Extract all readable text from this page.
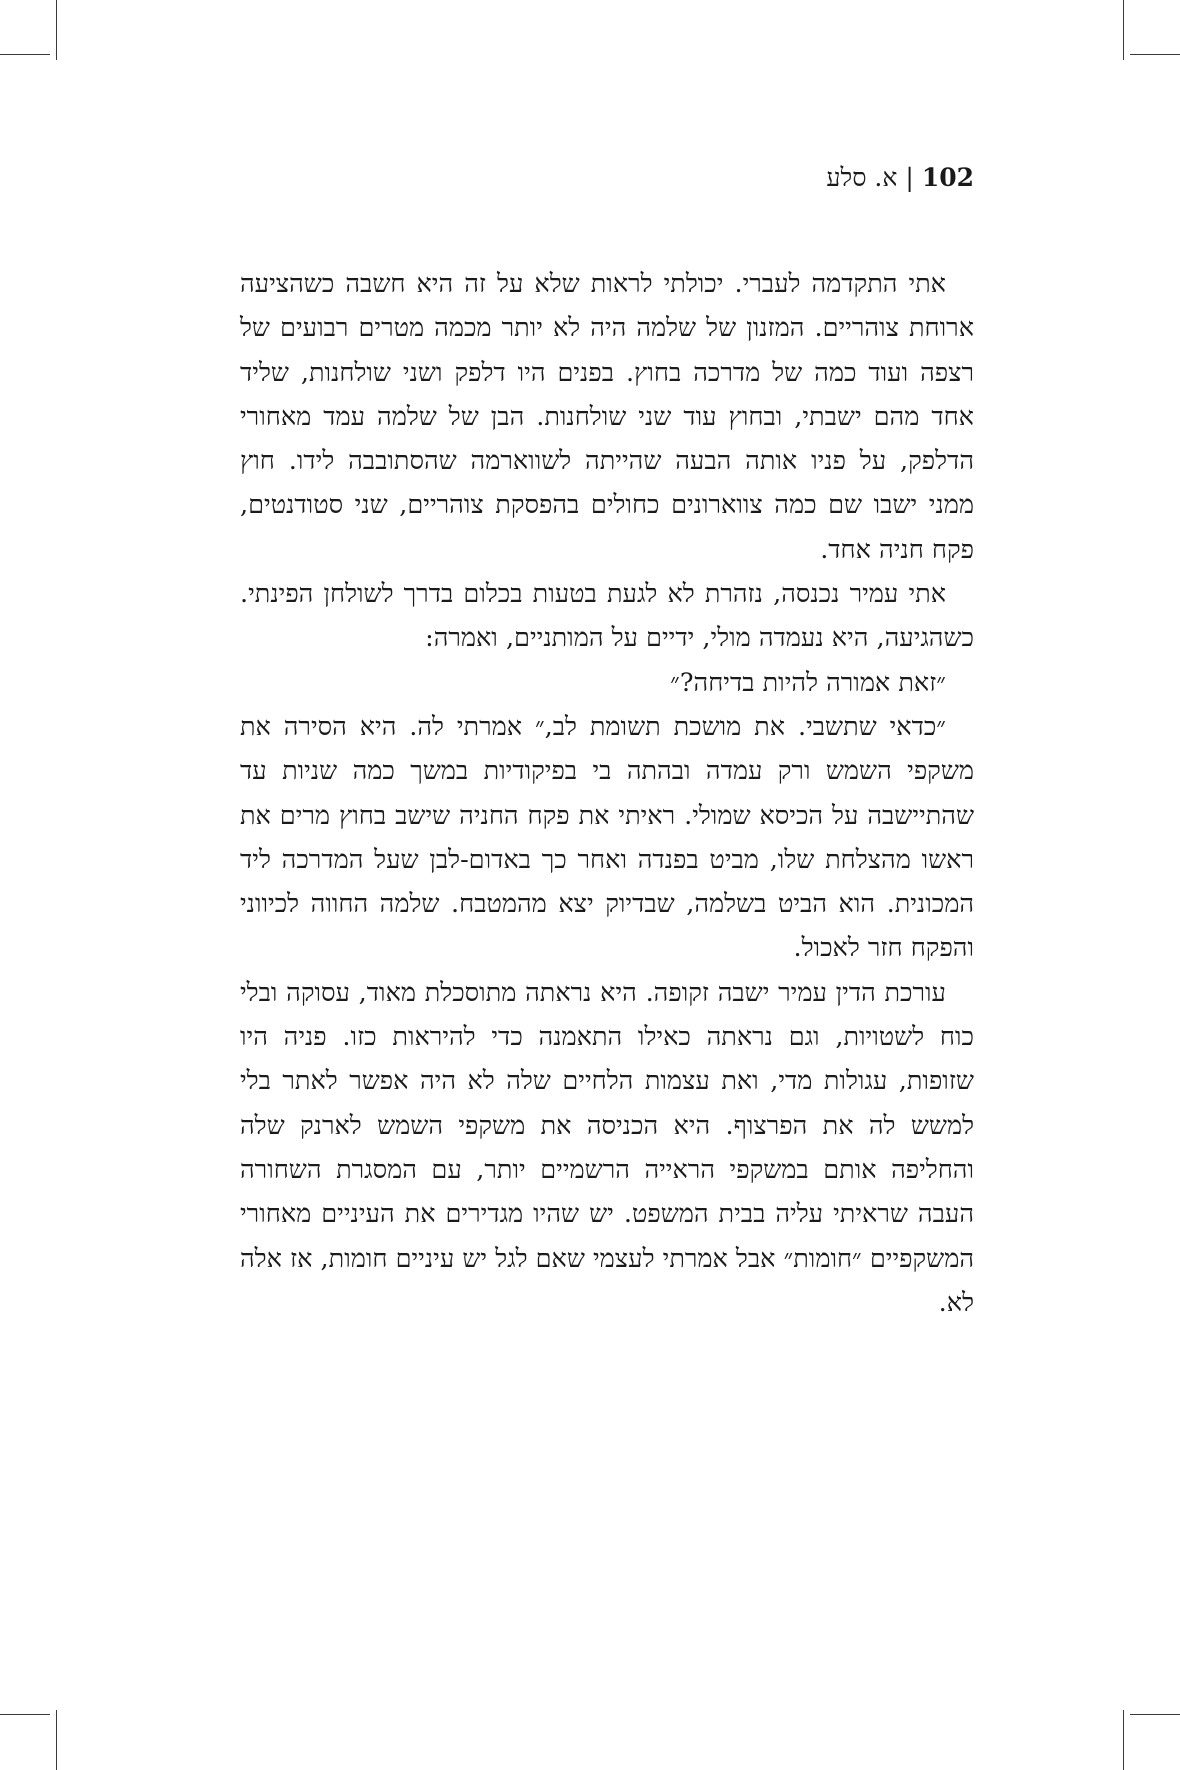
102|א. סלע

אתי התקדמה לעברי. יכולתי לראות שלא על זה היא חשבה כשהציעה ארוחת צוהריים. המזנון של שלמה היה לא יותר מכמה מטרים רבועים של רצפה ועוד כמה של מדרכה בחוץ. בפנים היו דלפק ושני שולחנות, שליד אחד מהם ישבתי, ובחוץ עוד שני שולחנות. הבן של שלמה עמד מאחורי הדלפק, על פניו אותה הבעה שהייתה לשווארמה שהסתובבה לידו. חוץ ממני ישבו שם כמה צווארונים כחולים בהפסקת צוהריים, שני סטודנטים, פקח חניה אחד.

אתי עמיר נכנסה, נזהרת לא לגעת בטעות בכלום בדרך לשולחן הפינתי. כשהגיעה, היא נעמדה מולי, ידיים על המותניים, ואמרה:

״זאת אמורה להיות בדיחה?״

״כדאי שתשבי. את מושכת תשומת לב,״ אמרתי לה. היא הסירה את משקפי השמש ורק עמדה ובהתה בי בפיקודיות במשך כמה שניות עד שהתיישבה על הכיסא שמולי. ראיתי את פקח החניה שישב בחוץ מרים את ראשו מהצלחת שלו, מביט בפנדה ואחר כך באדום-לבן שעל המדרכה ליד המכונית. הוא הביט בשלמה, שבדיוק יצא מהמטבח. שלמה החווה לכיווני והפקח חזר לאכול.

עורכת הדין עמיר ישבה זקופה. היא נראתה מתוסכלת מאוד, עסוקה ובלי כוח לשטויות, וגם נראתה כאילו התאמנה כדי להיראות כזו. פניה היו שזופות, עגולות מדי, ואת עצמות הלחיים שלה לא היה אפשר לאתר בלי למשש לה את הפרצוף. היא הכניסה את משקפי השמש לארנק שלה והחליפה אותם במשקפי הראייה הרשמיים יותר, עם המסגרת השחורה העבה שראיתי עליה בבית המשפט. יש שהיו מגדירים את העיניים מאחורי המשקפיים ״חומות״ אבל אמרתי לעצמי שאם לגל יש עיניים חומות, אז אלה לא.
